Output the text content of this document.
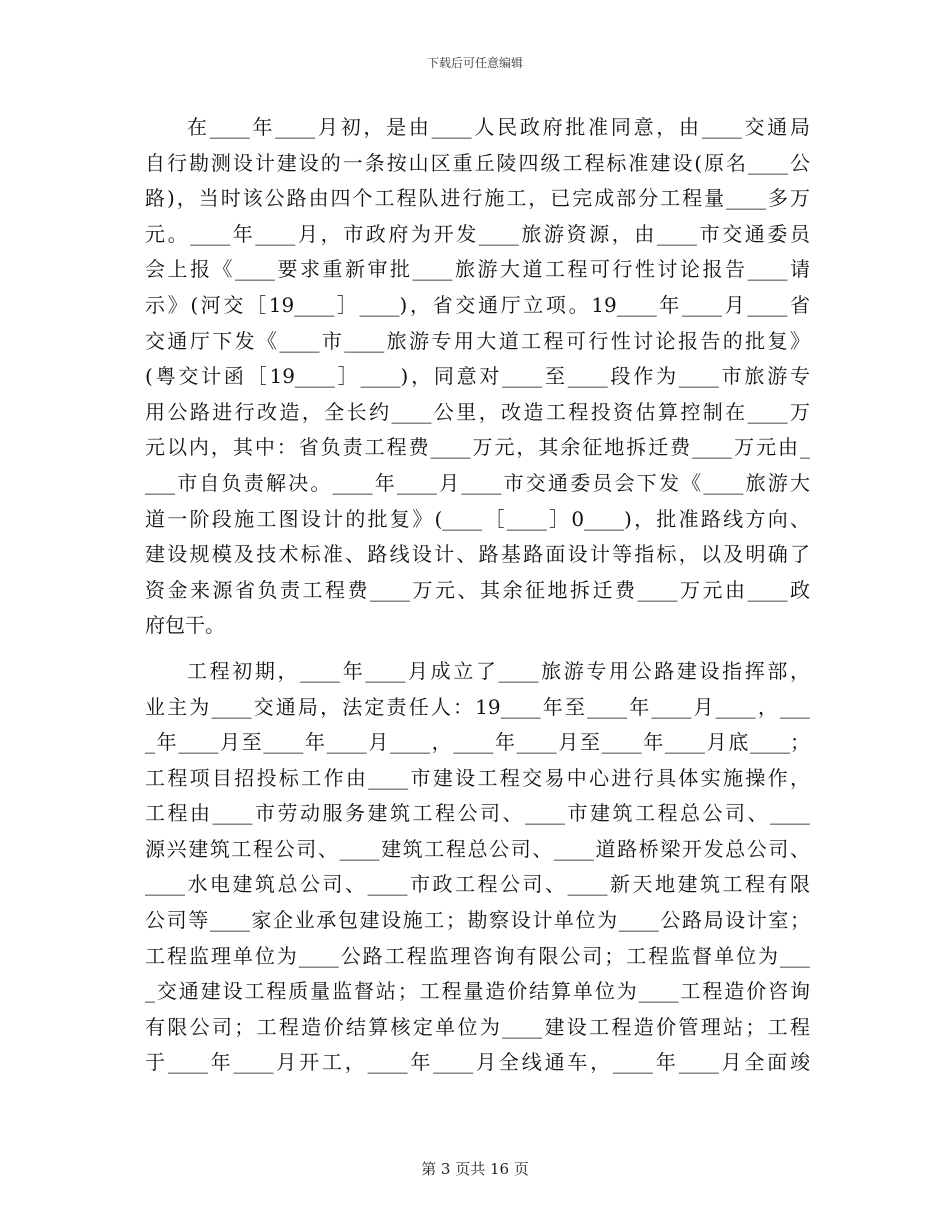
下载后可任意编辑
在____年____月初，是由____人民政府批准同意，由____交通局
自行勘测设计建设的一条按山区重丘陵四级工程标准建设(原名____公
路)，当时该公路由四个工程队进行施工，已完成部分工程量____多万
元。____年____月，市政府为开发____旅游资源，由____市交通委员
会上报《____要求重新审批____旅游大道工程可行性讨论报告____请
示》(河交［19____］____)，省交通厅立项。19____年____月____省
交通厅下发《____市____旅游专用大道工程可行性讨论报告的批复》
(粤交计函［19____］____)，同意对____至____段作为____市旅游专
用公路进行改造，全长约____公里，改造工程投资估算控制在____万
元以内，其中：省负责工程费____万元，其余征地拆迁费____万元由_
___市自负责解决。____年____月____市交通委员会下发《____旅游大
道一阶段施工图设计的批复》(____［____］0____)，批准路线方向、
建设规模及技术标准、路线设计、路基路面设计等指标，以及明确了
资金来源省负责工程费____万元、其余征地拆迁费____万元由____政
府包干。
工程初期，____年____月成立了____旅游专用公路建设指挥部，
业主为____交通局，法定责任人：19____年至____年____月____，___
_年____月至____年____月____，____年____月至____年____月底____；
工程项目招投标工作由____市建设工程交易中心进行具体实施操作，
工程由____市劳动服务建筑工程公司、____市建筑工程总公司、____
源兴建筑工程公司、____建筑工程总公司、____道路桥梁开发总公司、
____水电建筑总公司、____市政工程公司、____新天地建筑工程有限
公司等____家企业承包建设施工；勘察设计单位为____公路局设计室；
工程监理单位为____公路工程监理咨询有限公司；工程监督单位为___
_交通建设工程质量监督站；工程量造价结算单位为____工程造价咨询
有限公司；工程造价结算核定单位为____建设工程造价管理站；工程
于____年____月开工，____年____月全线通车，____年____月全面竣
第 3 页共 16 页
